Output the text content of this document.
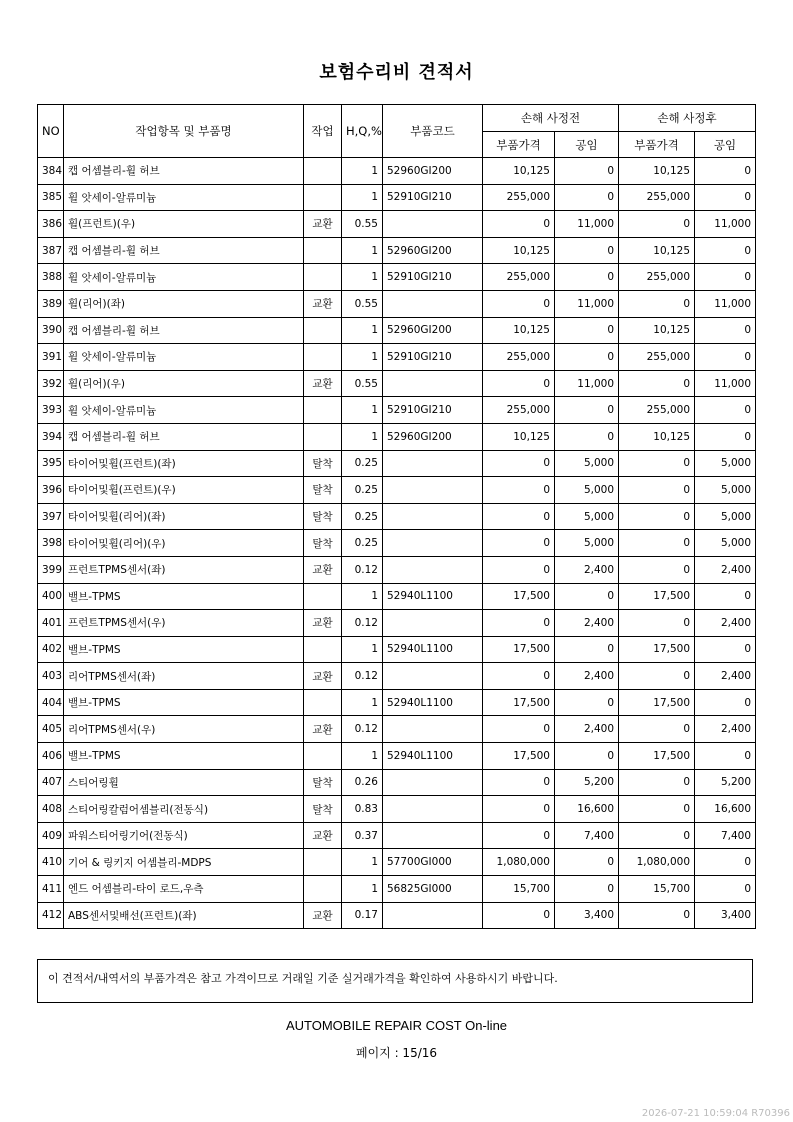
보험수리비 견적서
NO	작업항목 및 부품명	작업	H,Q,%	부품코드	손해 사정전		손해 사정후	
					부품가격	공임	부품가격	공임
384	캡 어셈블리-휠 허브		1	52960GI200	10,125	0	10,125	0
385	휠 앗세이-알류미늄		1	52910GI210	255,000	0	255,000	0
386	휠(프런트)(우)	교환	0.55		0	11,000	0	11,000
387	캡 어셈블리-휠 허브		1	52960GI200	10,125	0	10,125	0
388	휠 앗세이-알류미늄		1	52910GI210	255,000	0	255,000	0
389	휠(리어)(좌)	교환	0.55		0	11,000	0	11,000
390	캡 어셈블리-휠 허브		1	52960GI200	10,125	0	10,125	0
391	휠 앗세이-알류미늄		1	52910GI210	255,000	0	255,000	0
392	휠(리어)(우)	교환	0.55		0	11,000	0	11,000
393	휠 앗세이-알류미늄		1	52910GI210	255,000	0	255,000	0
394	캡 어셈블리-휠 허브		1	52960GI200	10,125	0	10,125	0
395	타이어및휠(프런트)(좌)	탈착	0.25		0	5,000	0	5,000
396	타이어및휠(프런트)(우)	탈착	0.25		0	5,000	0	5,000
397	타이어및휠(리어)(좌)	탈착	0.25		0	5,000	0	5,000
398	타이어및휠(리어)(우)	탈착	0.25		0	5,000	0	5,000
399	프런트TPMS센서(좌)	교환	0.12		0	2,400	0	2,400
400	밸브-TPMS		1	52940L1100	17,500	0	17,500	0
401	프런트TPMS센서(우)	교환	0.12		0	2,400	0	2,400
402	밸브-TPMS		1	52940L1100	17,500	0	17,500	0
403	리어TPMS센서(좌)	교환	0.12		0	2,400	0	2,400
404	밸브-TPMS		1	52940L1100	17,500	0	17,500	0
405	리어TPMS센서(우)	교환	0.12		0	2,400	0	2,400
406	밸브-TPMS		1	52940L1100	17,500	0	17,500	0
407	스티어링휠	탈착	0.26		0	5,200	0	5,200
408	스티어링칼럼어셈블리(전동식)	탈착	0.83		0	16,600	0	16,600
409	파워스티어링기어(전동식)	교환	0.37		0	7,400	0	7,400
410	기어 & 링키지 어셈블리-MDPS		1	57700GI000	1,080,000	0	1,080,000	0
411	엔드 어셈블리-타이 로드,우측		1	56825GI000	15,700	0	15,700	0
412	ABS센서및배선(프런트)(좌)	교환	0.17		0	3,400	0	3,400
이 견적서/내역서의 부품가격은 참고 가격이므로 거래일 기준 실거래가격을 확인하여 사용하시기 바랍니다.
AUTOMOBILE REPAIR COST On-line
페이지 : 15/16
2026-07-21 10:59:04 R70396
